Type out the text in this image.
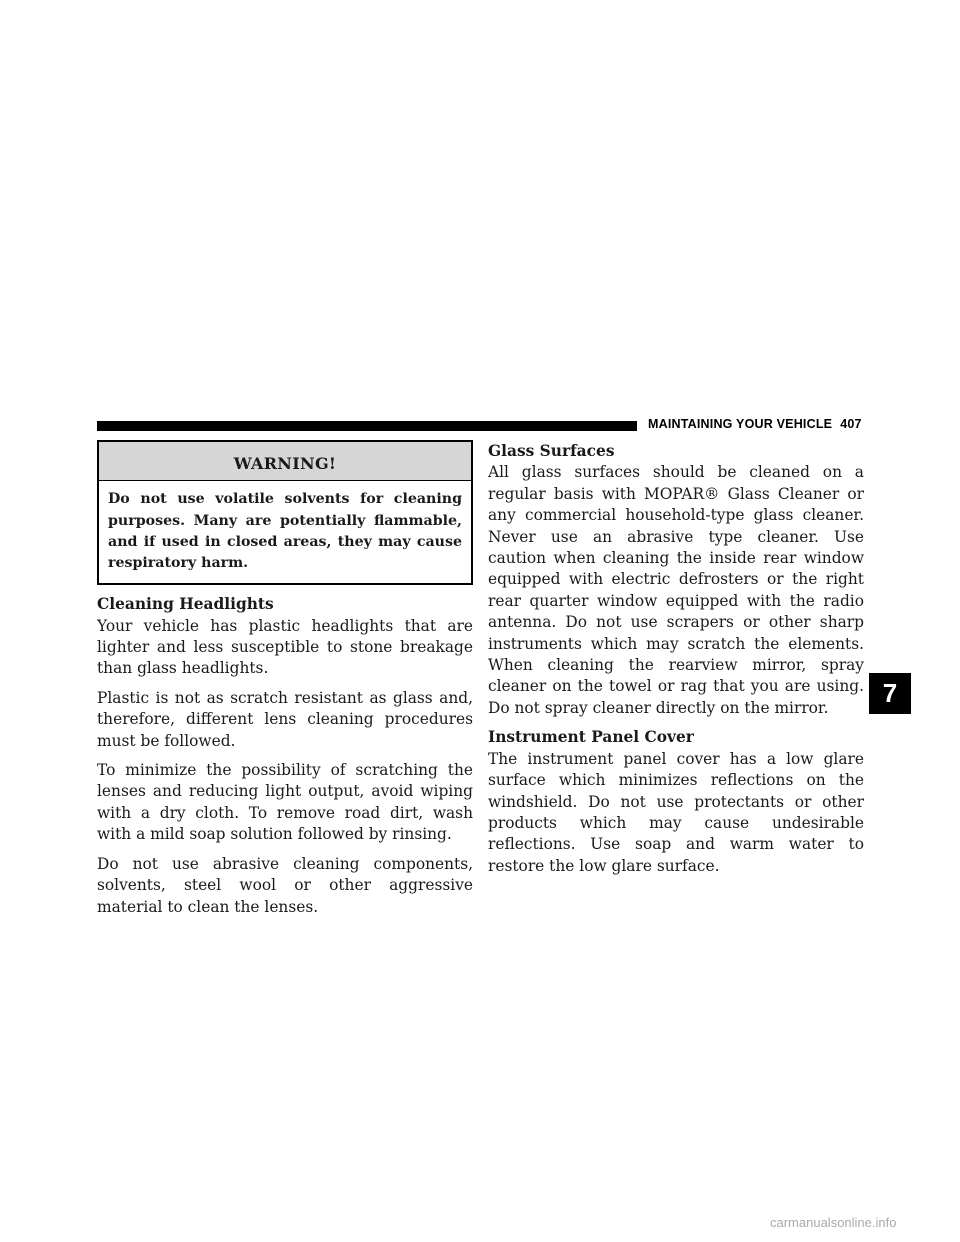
MAINTAINING YOUR VEHICLE 407
WARNING!
Do not use volatile solvents for cleaning purposes. Many are potentially flammable, and if used in closed areas, they may cause respiratory harm.
Cleaning Headlights

Your vehicle has plastic headlights that are lighter and less susceptible to stone breakage than glass headlights.

Plastic is not as scratch resistant as glass and, therefore, different lens cleaning procedures must be followed.

To minimize the possibility of scratching the lenses and reducing light output, avoid wiping with a dry cloth. To remove road dirt, wash with a mild soap solution followed by rinsing.

Do not use abrasive cleaning components, solvents, steel wool or other aggressive material to clean the lenses.

Glass Surfaces

All glass surfaces should be cleaned on a regular basis with MOPAR® Glass Cleaner or any commercial household-type glass cleaner. Never use an abrasive type cleaner. Use caution when cleaning the inside rear window equipped with electric defrosters or the right rear quarter window equipped with the radio antenna. Do not use scrapers or other sharp instruments which may scratch the elements. When cleaning the rearview mirror, spray cleaner on the towel or rag that you are using. Do not spray cleaner directly on the mirror.

Instrument Panel Cover

The instrument panel cover has a low glare surface which minimizes reflections on the windshield. Do not use protectants or other products which may cause undesirable reflections. Use soap and warm water to restore the low glare surface.

7
carmanualsonline.info
